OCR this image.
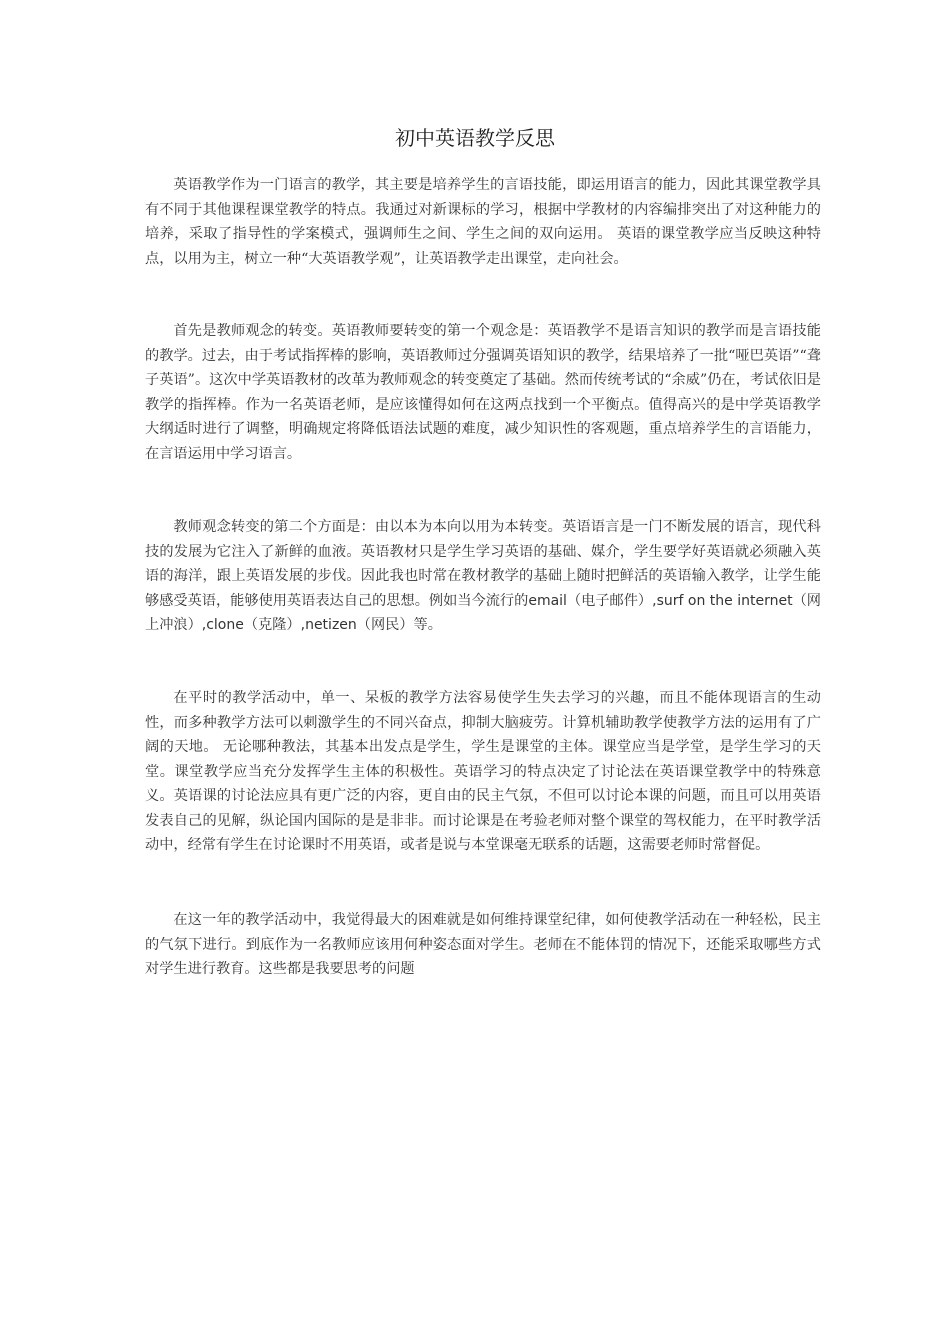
初中英语教学反思

英语教学作为一门语言的教学，其主要是培养学生的言语技能，即运用语言的能力，因此其课堂教学具有不同于其他课程课堂教学的特点。我通过对新课标的学习，根据中学教材的内容编排突出了对这种能力的培养，采取了指导性的学案模式，强调师生之间、学生之间的双向运用。 英语的课堂教学应当反映这种特点，以用为主，树立一种“大英语教学观”，让英语教学走出课堂，走向社会。

首先是教师观念的转变。英语教师要转变的第一个观念是：英语教学不是语言知识的教学而是言语技能的教学。过去，由于考试指挥棒的影响，英语教师过分强调英语知识的教学，结果培养了一批“哑巴英语”“聋子英语”。这次中学英语教材的改革为教师观念的转变奠定了基础。然而传统考试的“余威”仍在，考试依旧是教学的指挥棒。作为一名英语老师，是应该懂得如何在这两点找到一个平衡点。值得高兴的是中学英语教学大纲适时进行了调整，明确规定将降低语法试题的难度，减少知识性的客观题，重点培养学生的言语能力，在言语运用中学习语言。

教师观念转变的第二个方面是：由以本为本向以用为本转变。英语语言是一门不断发展的语言，现代科技的发展为它注入了新鲜的血液。英语教材只是学生学习英语的基础、媒介，学生要学好英语就必须融入英语的海洋，跟上英语发展的步伐。因此我也时常在教材教学的基础上随时把鲜活的英语输入教学，让学生能够感受英语，能够使用英语表达自己的思想。例如当今流行的email（电子邮件）,surf on the internet（网上冲浪）,clone（克隆）,netizen（网民）等。

在平时的教学活动中，单一、呆板的教学方法容易使学生失去学习的兴趣，而且不能体现语言的生动性，而多种教学方法可以刺激学生的不同兴奋点，抑制大脑疲劳。计算机辅助教学使教学方法的运用有了广阔的天地。 无论哪种教法，其基本出发点是学生，学生是课堂的主体。课堂应当是学堂，是学生学习的天堂。课堂教学应当充分发挥学生主体的积极性。英语学习的特点决定了讨论法在英语课堂教学中的特殊意义。英语课的讨论法应具有更广泛的内容，更自由的民主气氛，不但可以讨论本课的问题，而且可以用英语发表自己的见解，纵论国内国际的是是非非。而讨论课是在考验老师对整个课堂的驾权能力，在平时教学活动中，经常有学生在讨论课时不用英语，或者是说与本堂课毫无联系的话题，这需要老师时常督促。

在这一年的教学活动中，我觉得最大的困难就是如何维持课堂纪律，如何使教学活动在一种轻松，民主的气氛下进行。到底作为一名教师应该用何种姿态面对学生。老师在不能体罚的情况下，还能采取哪些方式对学生进行教育。这些都是我要思考的问题
